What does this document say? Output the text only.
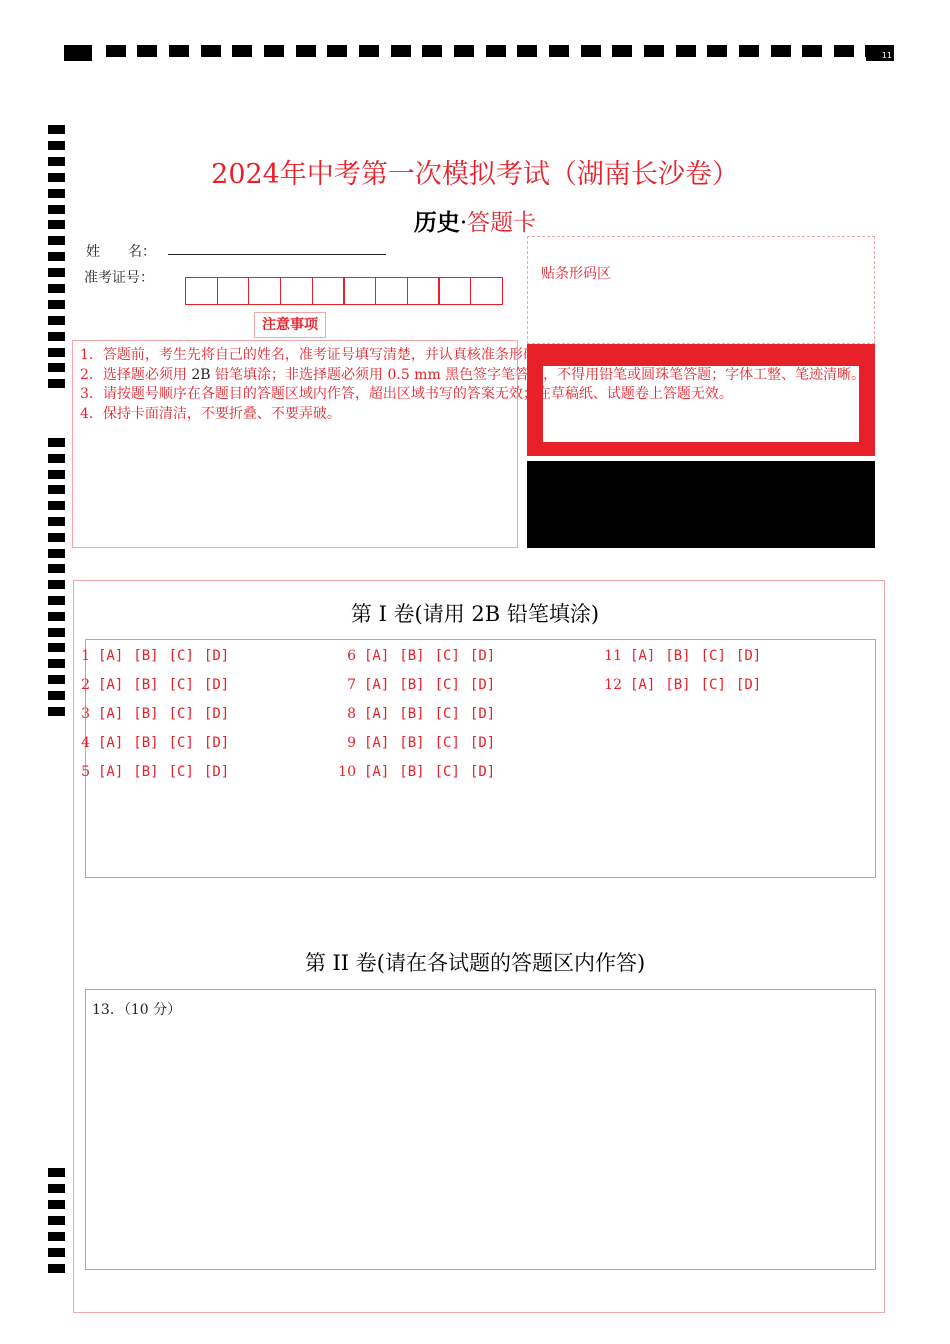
11
2024年中考第一次模拟考试（湖南长沙卷）
历史·答题卡
姓　　名：
准考证号：
注意事项
贴条形码区
1．答题前，考生先将自己的姓名，准考证号填写清楚，并认真核准条形码上的姓名、准考证号，在规定位置贴好条形码。
2．选择题必须用 2B 铅笔填涂；非选择题必须用 0.5 mm 黑色签字笔答题，不得用铅笔或圆珠笔答题；字体工整、笔迹清晰。
3．请按题号顺序在各题目的答题区域内作答，超出区域书写的答案无效；在草稿纸、试题卷上答题无效。
4．保持卡面清洁，不要折叠、不要弄破。
第 I 卷(请用 2B 铅笔填涂)
1 [A] [B] [C] [D]
2 [A] [B] [C] [D]
3 [A] [B] [C] [D]
4 [A] [B] [C] [D]
5 [A] [B] [C] [D]
6 [A] [B] [C] [D]
7 [A] [B] [C] [D]
8 [A] [B] [C] [D]
9 [A] [B] [C] [D]
10 [A] [B] [C] [D]
11 [A] [B] [C] [D]
12 [A] [B] [C] [D]
第 II 卷(请在各试题的答题区内作答)
13．（10 分）
